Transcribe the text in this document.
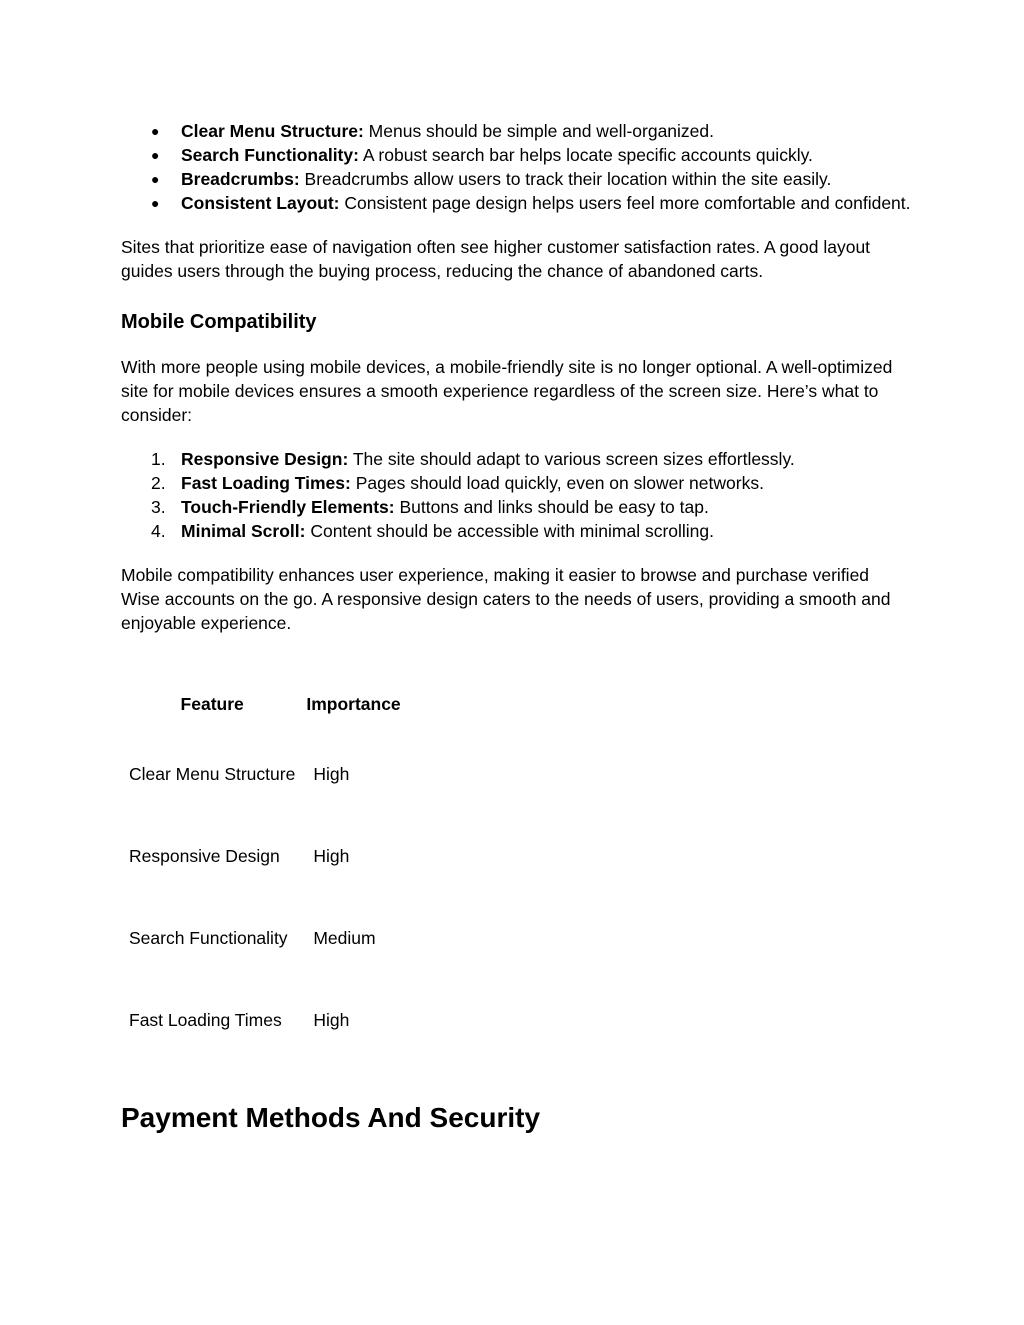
● Clear Menu Structure: Menus should be simple and well-organized.
● Search Functionality: A robust search bar helps locate specific accounts quickly.
● Breadcrumbs: Breadcrumbs allow users to track their location within the site easily.
● Consistent Layout: Consistent page design helps users feel more comfortable and confident.

Sites that prioritize ease of navigation often see higher customer satisfaction rates. A good layout guides users through the buying process, reducing the chance of abandoned carts.

Mobile Compatibility

With more people using mobile devices, a mobile-friendly site is no longer optional. A well-optimized site for mobile devices ensures a smooth experience regardless of the screen size. Here’s what to consider:

1. Responsive Design: The site should adapt to various screen sizes effortlessly.
2. Fast Loading Times: Pages should load quickly, even on slower networks.
3. Touch-Friendly Elements: Buttons and links should be easy to tap.
4. Minimal Scroll: Content should be accessible with minimal scrolling.

Mobile compatibility enhances user experience, making it easier to browse and purchase verified Wise accounts on the go. A responsive design caters to the needs of users, providing a smooth and enjoyable experience.

Feature	Importance
Clear Menu Structure	High
Responsive Design	High
Search Functionality	Medium
Fast Loading Times	High
Payment Methods And Security
